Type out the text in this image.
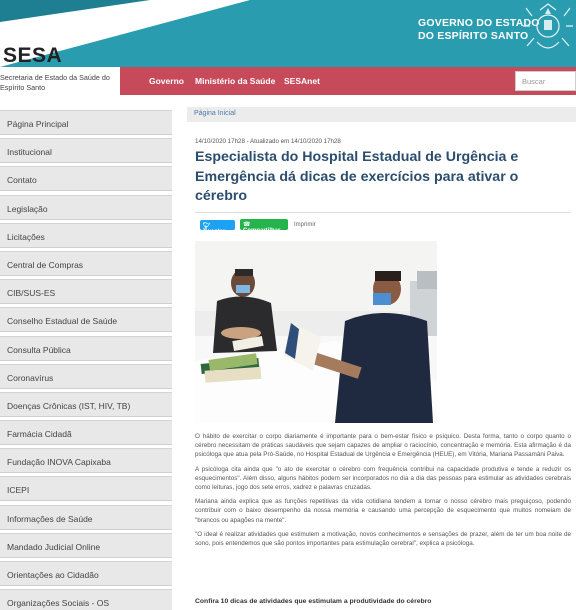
GOVERNO DO ESTADO
DO ESPÍRITO SANTO
SESA
Secretaria de Estado da Saúde do Espírito Santo
Governo Ministério da Saúde SESAnet	Buscar
Página Principal
Institucional
Contato
Legislação
Licitações
Central de Compras
CIB/SUS-ES
Conselho Estadual de Saúde
Consulta Pública
Coronavírus
Doenças Crônicas (IST, HIV, TB)
Farmácia Cidadã
Fundação INOVA Capixaba
ICEPI
Informações de Saúde
Mandado Judicial Online
Orientações ao Cidadão
Organizações Sociais - OS
Página Inicial
14/10/2020 17h28 - Atualizado em 14/10/2020 17h28
Especialista do Hospital Estadual de Urgência e Emergência dá dicas de exercícios para ativar o cérebro
🐦︎ Tweetar
☎ Compartilhar
Imprimir

O hábito de exercitar o corpo diariamente é importante para o bem-estar físico e psíquico. Desta forma, tanto o corpo quanto o cérebro necessitam de práticas saudáveis que sejam capazes de ampliar o raciocínio, concentração e memória. Esta afirmação é da psicóloga que atua pela Pró-Saúde, no Hospital Estadual de Urgência e Emergência (HEUE), em Vitória, Mariana Passamâni Paiva.

A psicóloga cita ainda que "o ato de exercitar o cérebro com frequência contribui na capacidade produtiva e tende a reduzir os esquecimentos". Além disso, alguns hábitos podem ser incorporados no dia a dia das pessoas para estimular as atividades cerebrais como leituras, jogo dos sete erros, xadrez e palavras cruzadas.

Mariana ainda explica que as funções repetitivas da vida cotidiana tendem a tornar o nosso cérebro mais preguiçoso, podendo contribuir com o baixo desempenho da nossa memória e causando uma percepção de esquecimento que muitos nomeiam de "brancos ou apagões na mente".

"O ideal é realizar atividades que estimulem a motivação, novos conhecimentos e sensações de prazer, além de ter um boa noite de sono, pois entendemos que são pontos importantes para estimulação cerebral", explica a psicóloga.

Confira 10 dicas de atividades que estimulam a produtividade do cérebro
